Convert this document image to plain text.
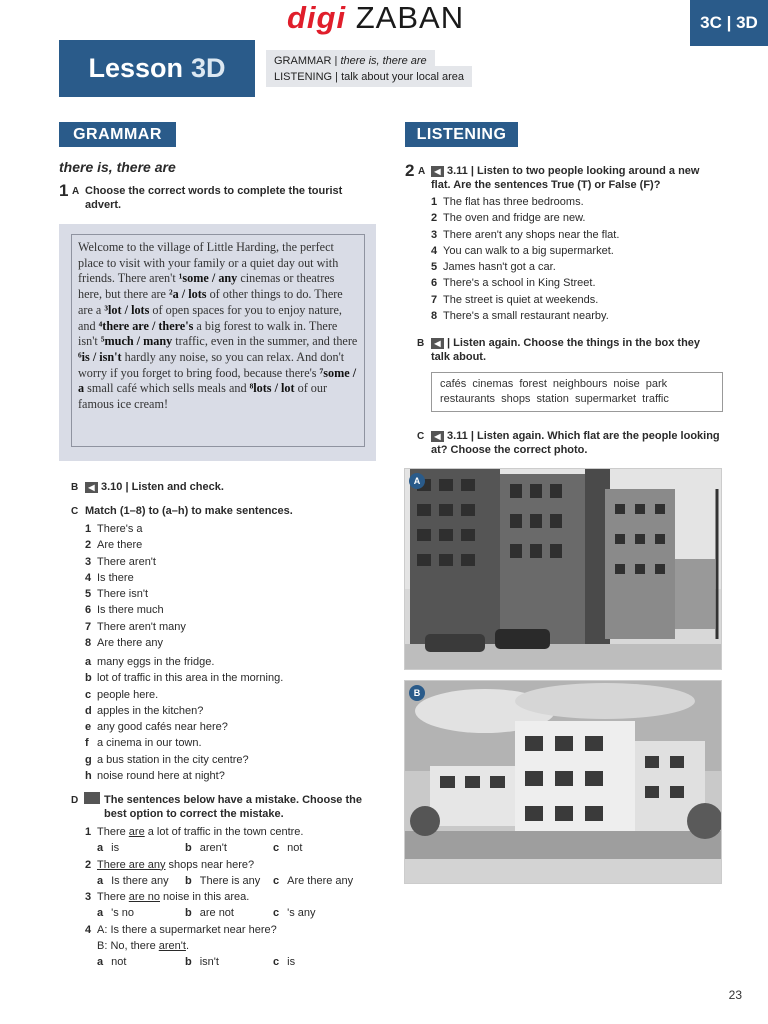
digi ZABAN	3C | 3D
Lesson 3D	GRAMMAR
|
there is, there are
LISTENING
|
talk about your local area
GRAMMAR
there is, there are
1 A Choose the correct words to complete the tourist advert.
Welcome to the village of Little Harding, the perfect place to visit with your family or a quiet day out with friends. There aren't ¹some / any cinemas or theatres here, but there are ²a / lots of other things to do. There are a ³lot / lots of open spaces for you to enjoy nature, and ⁴there are / there's a big forest to walk in. There isn't ⁵much / many traffic, even in the summer, and there ⁶is / isn't hardly any noise, so you can relax. And don't worry if you forget to bring food, because there's ⁷some / a small café which sells meals and ⁸lots / lot of our famous ice cream!
B	◀ 3.10 | Listen and check.
C Match (1–8) to (a–h) to make sentences.
1 There's a
2 Are there
3 There aren't
4 Is there
5 There isn't
6 Is there much
7 There aren't many
8 Are there any
a many eggs in the fridge.
b lot of traffic in this area in the morning.
c people here.
d apples in the kitchen?
e any good cafés near here?
f a cinema in our town.
g a bus station in the city centre?
h noise round here at night?
D The sentences below have a mistake. Choose the best option to correct the mistake.
1 There are a lot of traffic in the town centre.
a is	b aren't	c not
2 There are any shops near here?
a Is there any	b There is any	c Are there any
3 There are no noise in this area.
a 's no	b are not	c 's any
4 A: Is there a supermarket near here?
B: No, there aren't.
a not	b isn't	c is
LISTENING
2 A	◀ 3.11 | Listen to two people looking around a new flat. Are the sentences True (T) or False (F)?
1 The flat has three bedrooms.
2 The oven and fridge are new.
3 There aren't any shops near the flat.
4 You can walk to a big supermarket.
5 James hasn't got a car.
6 There's a school in King Street.
7 The street is quiet at weekends.
8 There's a small restaurant nearby.
B	◀ | Listen again. Choose the things in the box they talk about.
cafés cinemas forest neighbours noise park
restaurants shops station supermarket traffic
C	◀ 3.11 | Listen again. Which flat are the people looking at? Choose the correct photo.
A
B
23
